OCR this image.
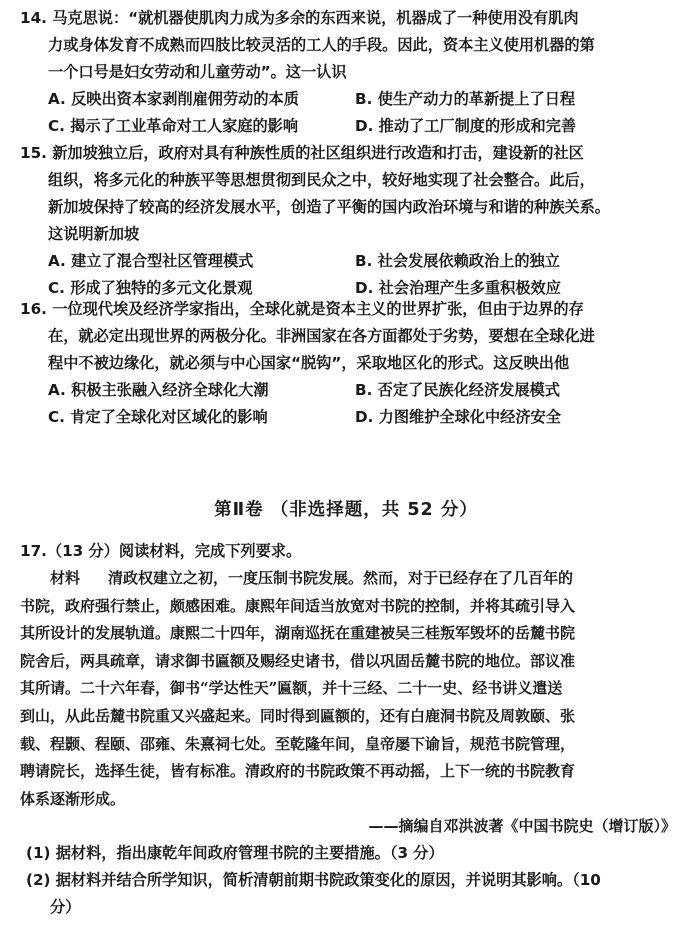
14. 马克思说：“就机器使肌肉力成为多余的东西来说，机器成了一种使用没有肌肉

力或身体发育不成熟而四肢比较灵活的工人的手段。因此，资本主义使用机器的第

一个口号是妇女劳动和儿童劳动”。这一认识

A. 反映出资本家剥削雇佣劳动的本质	B. 使生产动力的革新提上了日程
C. 揭示了工业革命对工人家庭的影响	D. 推动了工厂制度的形成和完善

15. 新加坡独立后，政府对具有种族性质的社区组织进行改造和打击，建设新的社区

组织，将多元化的种族平等思想贯彻到民众之中，较好地实现了社会整合。此后，

新加坡保持了较高的经济发展水平，创造了平衡的国内政治环境与和谐的种族关系。

这说明新加坡

A. 建立了混合型社区管理模式	B. 社会发展依赖政治上的独立
C. 形成了独特的多元文化景观	D. 社会治理产生多重积极效应

16. 一位现代埃及经济学家指出，全球化就是资本主义的世界扩张，但由于边界的存

在，就必定出现世界的两极分化。非洲国家在各方面都处于劣势，要想在全球化进

程中不被边缘化，就必须与中心国家“脱钩”，采取地区化的形式。这反映出他

A. 积极主张融入经济全球化大潮	B. 否定了民族化经济发展模式
C. 肯定了全球化对区域化的影响	D. 力图维护全球化中经济安全
第Ⅱ卷 （非选择题，共 52 分）
17.（13 分）阅读材料，完成下列要求。

材料 清政权建立之初，一度压制书院发展。然而，对于已经存在了几百年的

书院，政府强行禁止，颇感困难。康熙年间适当放宽对书院的控制，并将其疏引导入

其所设计的发展轨道。康熙二十四年，湖南巡抚在重建被吴三桂叛军毁坏的岳麓书院

院舍后，两具疏章，请求御书匾额及赐经史诸书，借以巩固岳麓书院的地位。部议准

其所请。二十六年春，御书“学达性天”匾额，并十三经、二十一史、经书讲义遣送

到山，从此岳麓书院重又兴盛起来。同时得到匾额的，还有白鹿洞书院及周敦颐、张

载、程颢、程颐、邵雍、朱熹祠七处。至乾隆年间，皇帝屡下谕旨，规范书院管理，

聘请院长，选择生徒，皆有标准。清政府的书院政策不再动摇，上下一统的书院教育

体系逐渐形成。

——摘编自邓洪波著《中国书院史（增订版）》
(1) 据材料，指出康乾年间政府管理书院的主要措施。（3 分）
(2) 据材料并结合所学知识，简析清朝前期书院政策变化的原因，并说明其影响。（10
分）
